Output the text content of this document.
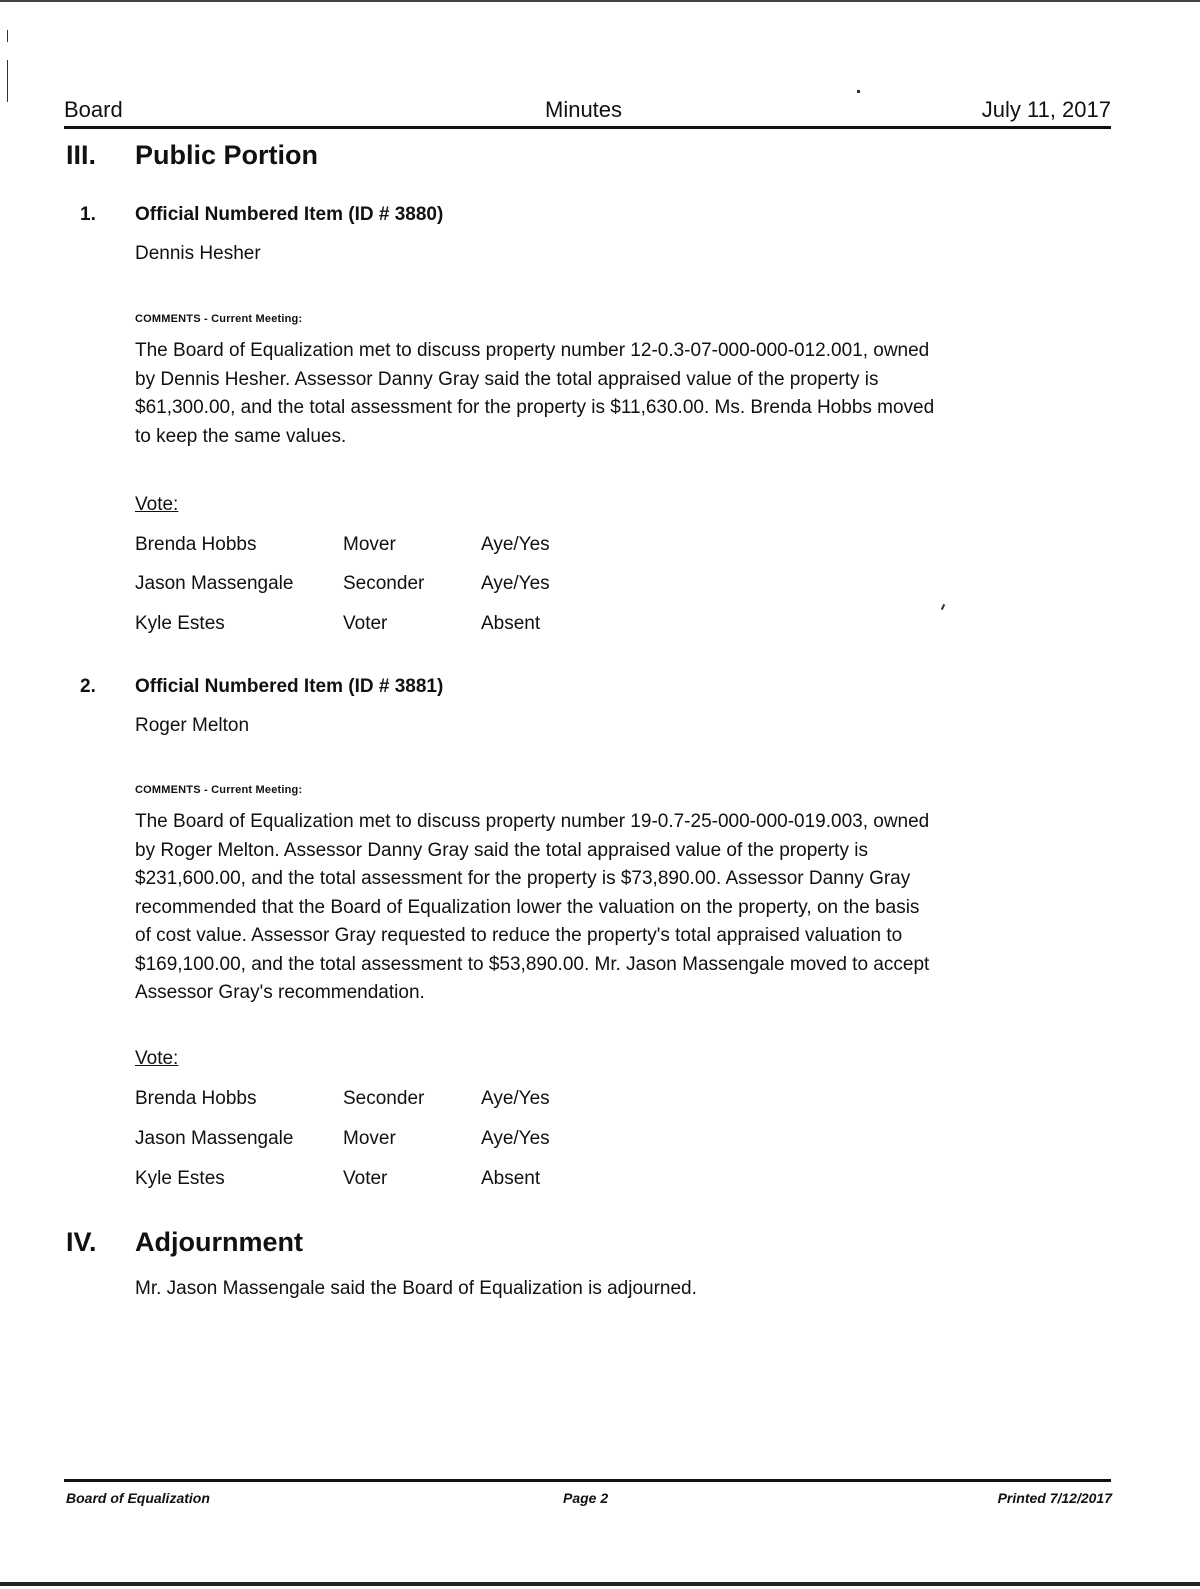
Board	Minutes	July 11, 2017
III. Public Portion
1. Official Numbered Item (ID # 3880)
Dennis Hesher
COMMENTS - Current Meeting:
The Board of Equalization met to discuss property number 12-0.3-07-000-000-012.001, owned
by Dennis Hesher. Assessor Danny Gray said the total appraised value of the property is
$61,300.00, and the total assessment for the property is $11,630.00. Ms. Brenda Hobbs moved
to keep the same values.
Vote:
Brenda Hobbs	Mover	Aye/Yes
Jason Massengale	Seconder	Aye/Yes
Kyle Estes	Voter	Absent
2. Official Numbered Item (ID # 3881)
Roger Melton
COMMENTS - Current Meeting:
The Board of Equalization met to discuss property number 19-0.7-25-000-000-019.003, owned
by Roger Melton. Assessor Danny Gray said the total appraised value of the property is
$231,600.00, and the total assessment for the property is $73,890.00. Assessor Danny Gray
recommended that the Board of Equalization lower the valuation on the property, on the basis
of cost value. Assessor Gray requested to reduce the property's total appraised valuation to
$169,100.00, and the total assessment to $53,890.00. Mr. Jason Massengale moved to accept
Assessor Gray's recommendation.
Vote:
Brenda Hobbs	Seconder	Aye/Yes
Jason Massengale	Mover	Aye/Yes
Kyle Estes	Voter	Absent
IV. Adjournment
Mr. Jason Massengale said the Board of Equalization is adjourned.
Board of Equalization	Page 2	Printed 7/12/2017
